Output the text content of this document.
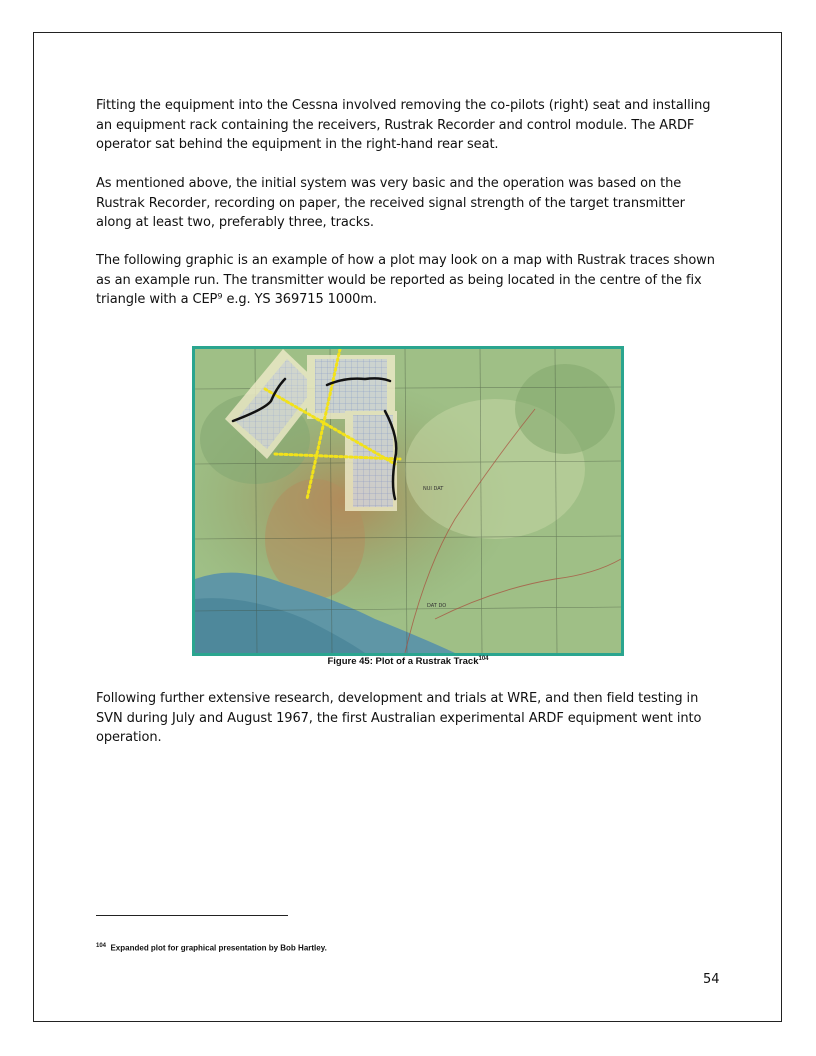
Fitting the equipment into the Cessna involved removing the co-pilots (right) seat and installing an equipment rack containing the receivers, Rustrak Recorder and control module. The ARDF operator sat behind the equipment in the right-hand rear seat.

As mentioned above, the initial system was very basic and the operation was based on the Rustrak Recorder, recording on paper, the received signal strength of the target transmitter along at least two, preferably three, tracks.

The following graphic is an example of how a plot may look on a map with Rustrak traces shown as an example run. The transmitter would be reported as being located in the centre of the fix triangle with a CEP⁹ e.g. YS 369715 1000m.

NUI DAT
DAT DO
Figure 45: Plot of a Rustrak Track$^{104}$

Following further extensive research, development and trials at WRE, and then field testing in SVN during July and August 1967, the first Australian experimental ARDF equipment went into operation.

$^{104}$ Expanded plot for graphical presentation by Bob Hartley.
54
